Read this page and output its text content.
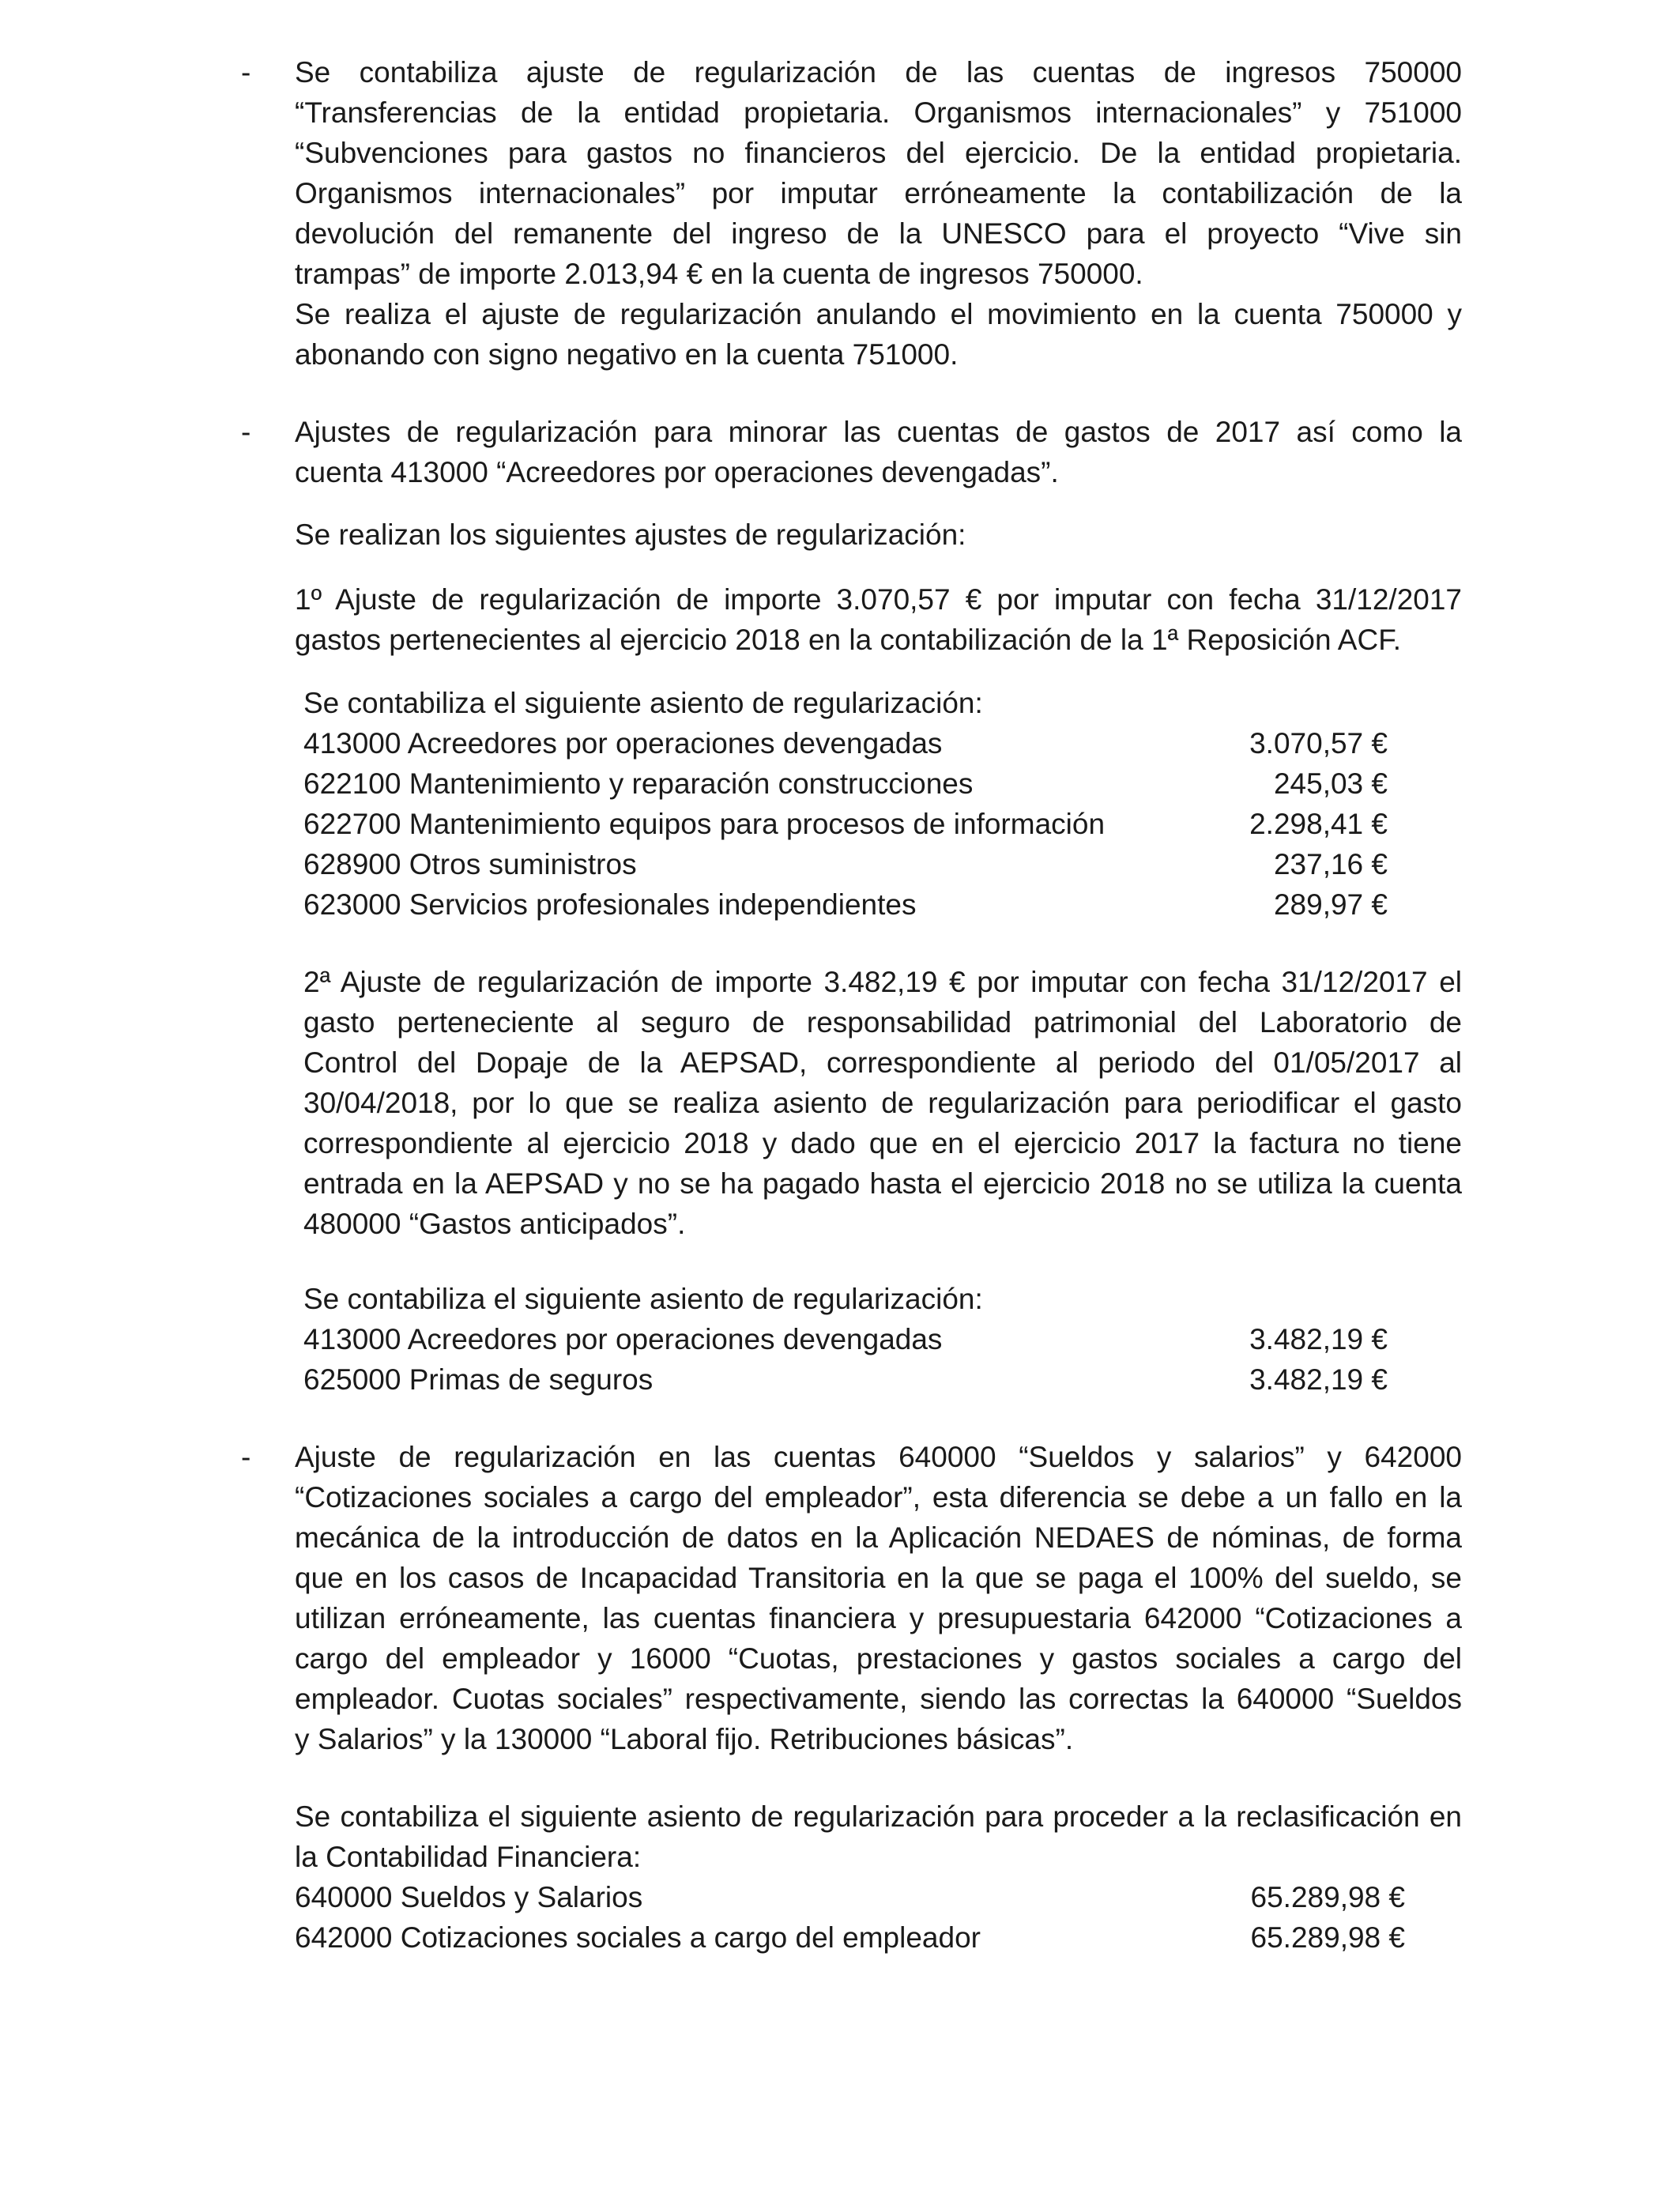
-	Se contabiliza ajuste de regularización de las cuentas de ingresos 750000
“Transferencias de la entidad propietaria. Organismos internacionales” y 751000
“Subvenciones para gastos no financieros del ejercicio. De la entidad propietaria.
Organismos internacionales” por imputar erróneamente la contabilización de la
devolución del remanente del ingreso de la UNESCO para el proyecto “Vive sin
trampas” de importe 2.013,94 € en la cuenta de ingresos 750000.
Se realiza el ajuste de regularización anulando el movimiento en la cuenta 750000 y
abonando con signo negativo en la cuenta 751000.
-	Ajustes de regularización para minorar las cuentas de gastos de 2017 así como la
cuenta 413000 “Acreedores por operaciones devengadas”.
Se realizan los siguientes ajustes de regularización:
1º Ajuste de regularización de importe 3.070,57 € por imputar con fecha 31/12/2017
gastos pertenecientes al ejercicio 2018 en la contabilización de la 1ª Reposición ACF.
Se contabiliza el siguiente asiento de regularización:
413000 Acreedores por operaciones devengadas	3.070,57 €
622100 Mantenimiento y reparación construcciones	245,03 €
622700 Mantenimiento equipos para procesos de información	2.298,41 €
628900 Otros suministros	237,16 €
623000 Servicios profesionales independientes	289,97 €
2ª Ajuste de regularización de importe 3.482,19 € por imputar con fecha 31/12/2017 el
gasto perteneciente al seguro de responsabilidad patrimonial del Laboratorio de
Control del Dopaje de la AEPSAD, correspondiente al periodo del 01/05/2017 al
30/04/2018, por lo que se realiza asiento de regularización para periodificar el gasto
correspondiente al ejercicio 2018 y dado que en el ejercicio 2017 la factura no tiene
entrada en la AEPSAD y no se ha pagado hasta el ejercicio 2018 no se utiliza la cuenta
480000 “Gastos anticipados”.
Se contabiliza el siguiente asiento de regularización:
413000 Acreedores por operaciones devengadas	3.482,19 €
625000 Primas de seguros	3.482,19 €
-	Ajuste de regularización en las cuentas 640000 “Sueldos y salarios” y 642000
“Cotizaciones sociales a cargo del empleador”, esta diferencia se debe a un fallo en la
mecánica de la introducción de datos en la Aplicación NEDAES de nóminas, de forma
que en los casos de Incapacidad Transitoria en la que se paga el 100% del sueldo, se
utilizan erróneamente, las cuentas financiera y presupuestaria 642000 “Cotizaciones a
cargo del empleador y 16000 “Cuotas, prestaciones y gastos sociales a cargo del
empleador. Cuotas sociales” respectivamente, siendo las correctas la 640000 “Sueldos
y Salarios” y la 130000 “Laboral fijo. Retribuciones básicas”.
Se contabiliza el siguiente asiento de regularización para proceder a la reclasificación en
la Contabilidad Financiera:
640000 Sueldos y Salarios	65.289,98 €
642000 Cotizaciones sociales a cargo del empleador	65.289,98 €
